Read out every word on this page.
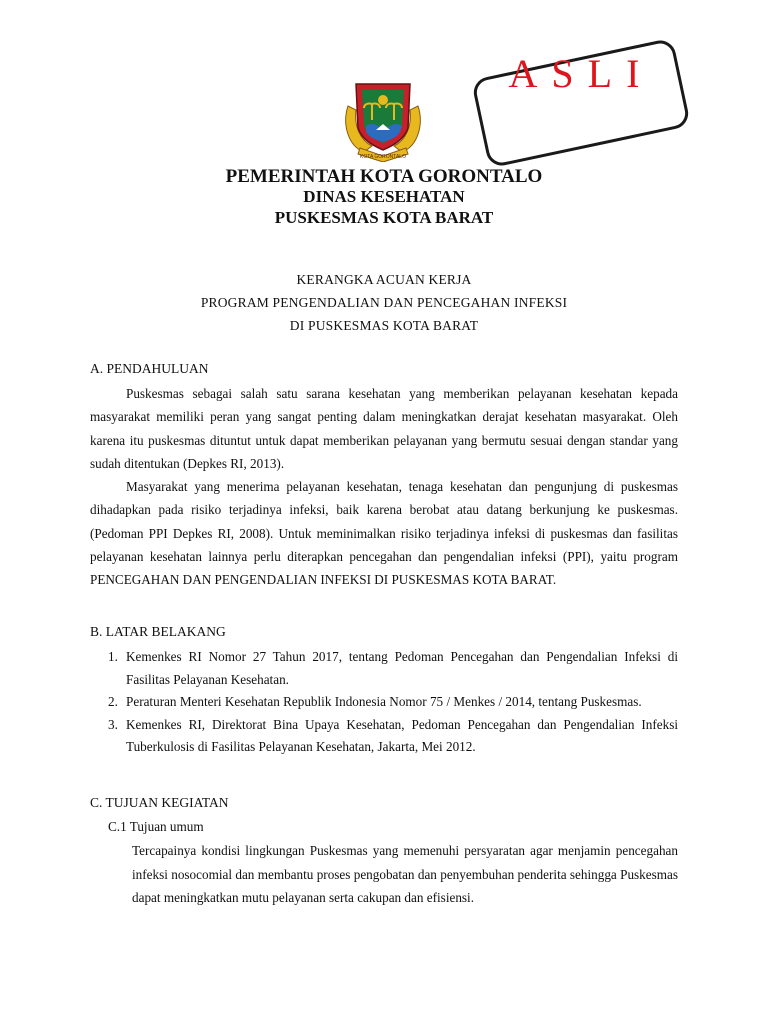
ASLI
KOTA GORONTALO
PEMERINTAH KOTA GORONTALO
DINAS KESEHATAN
PUSKESMAS KOTA BARAT
KERANGKA ACUAN KERJA
PROGRAM PENGENDALIAN DAN PENCEGAHAN INFEKSI
DI PUSKESMAS KOTA BARAT
A. PENDAHULUAN

Puskesmas sebagai salah satu sarana kesehatan yang memberikan pelayanan kesehatan kepada masyarakat memiliki peran yang sangat penting dalam meningkatkan derajat kesehatan masyarakat. Oleh karena itu puskesmas dituntut untuk dapat memberikan pelayanan yang bermutu sesuai dengan standar yang sudah ditentukan (Depkes RI, 2013).

Masyarakat yang menerima pelayanan kesehatan, tenaga kesehatan dan pengunjung di puskesmas dihadapkan pada risiko terjadinya infeksi, baik karena berobat atau datang berkunjung ke puskesmas. (Pedoman PPI Depkes RI, 2008). Untuk meminimalkan risiko terjadinya infeksi di puskesmas dan fasilitas pelayanan kesehatan lainnya perlu diterapkan pencegahan dan pengendalian infeksi (PPI), yaitu program PENCEGAHAN DAN PENGENDALIAN INFEKSI DI PUSKESMAS KOTA BARAT.

B. LATAR BELAKANG
1. Kemenkes RI Nomor 27 Tahun 2017, tentang Pedoman Pencegahan dan Pengendalian Infeksi di Fasilitas Pelayanan Kesehatan.
2. Peraturan Menteri Kesehatan Republik Indonesia Nomor 75 / Menkes / 2014, tentang Puskesmas.
3. Kemenkes RI, Direktorat Bina Upaya Kesehatan, Pedoman Pencegahan dan Pengendalian Infeksi Tuberkulosis di Fasilitas Pelayanan Kesehatan, Jakarta, Mei 2012.
C. TUJUAN KEGIATAN
C.1 Tujuan umum

Tercapainya kondisi lingkungan Puskesmas yang memenuhi persyaratan agar menjamin pencegahan infeksi nosocomial dan membantu proses pengobatan dan penyembuhan penderita sehingga Puskesmas dapat meningkatkan mutu pelayanan serta cakupan dan efisiensi.
